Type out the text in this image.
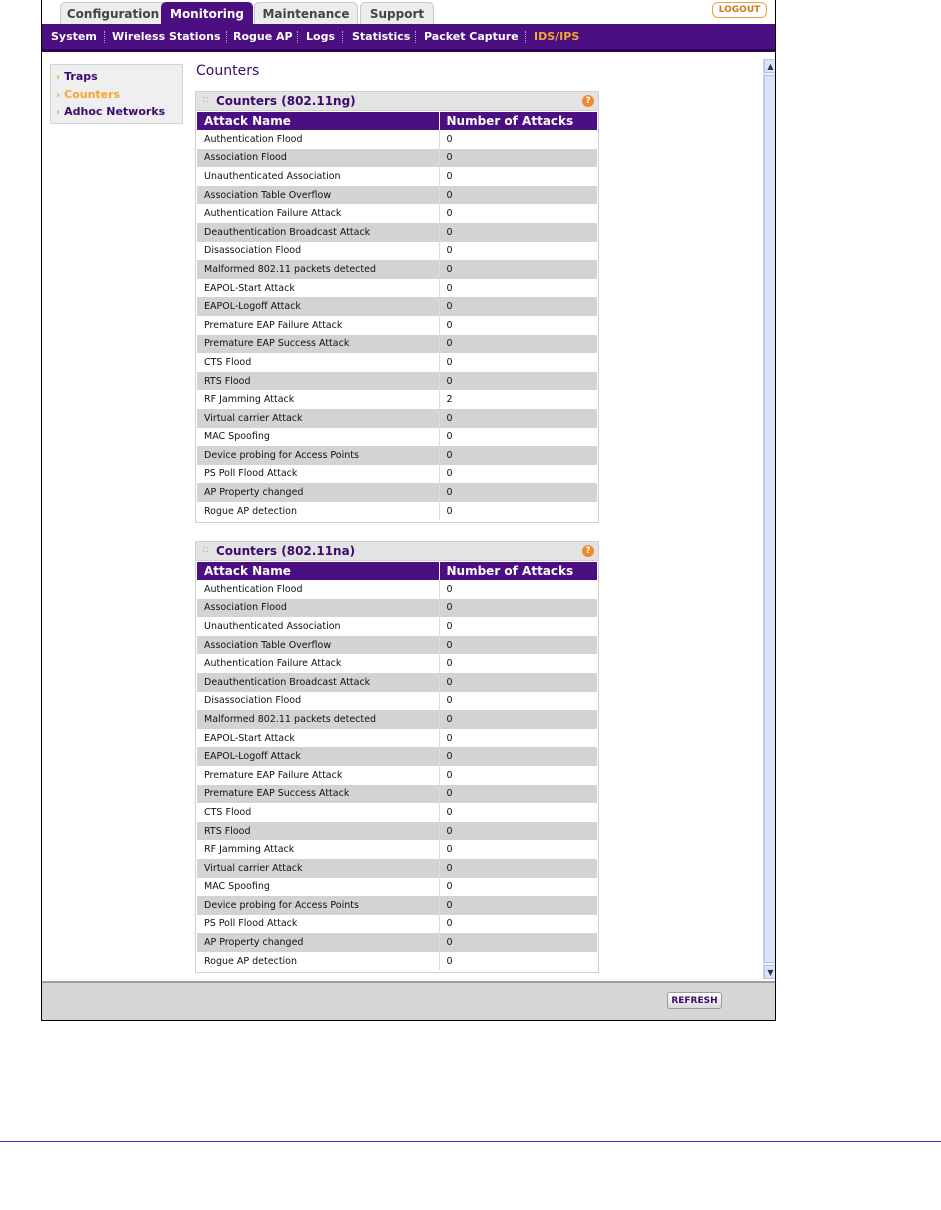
Configuration Monitoring	Maintenance	Support	LOGOUT
System Wireless Stations Rogue AP Logs Statistics Packet Capture IDS/IPS
› Traps
› Counters
› Adhoc Networks
Counters
:: Counters (802.11ng)	?
Attack Name	Number of Attacks
Authentication Flood	0
Association Flood	0
Unauthenticated Association	0
Association Table Overflow	0
Authentication Failure Attack	0
Deauthentication Broadcast Attack	0
Disassociation Flood	0
Malformed 802.11 packets detected	0
EAPOL-Start Attack	0
EAPOL-Logoff Attack	0
Premature EAP Failure Attack	0
Premature EAP Success Attack	0
CTS Flood	0
RTS Flood	0
RF Jamming Attack	2
Virtual carrier Attack	0
MAC Spoofing	0
Device probing for Access Points	0
PS Poll Flood Attack	0
AP Property changed	0
Rogue AP detection	0
:: Counters (802.11na)	?
Attack Name	Number of Attacks
Authentication Flood	0
Association Flood	0
Unauthenticated Association	0
Association Table Overflow	0
Authentication Failure Attack	0
Deauthentication Broadcast Attack	0
Disassociation Flood	0
Malformed 802.11 packets detected	0
EAPOL-Start Attack	0
EAPOL-Logoff Attack	0
Premature EAP Failure Attack	0
Premature EAP Success Attack	0
CTS Flood	0
RTS Flood	0
RF Jamming Attack	0
Virtual carrier Attack	0
MAC Spoofing	0
Device probing for Access Points	0
PS Poll Flood Attack	0
AP Property changed	0
Rogue AP detection	0
▲
▼
REFRESH
